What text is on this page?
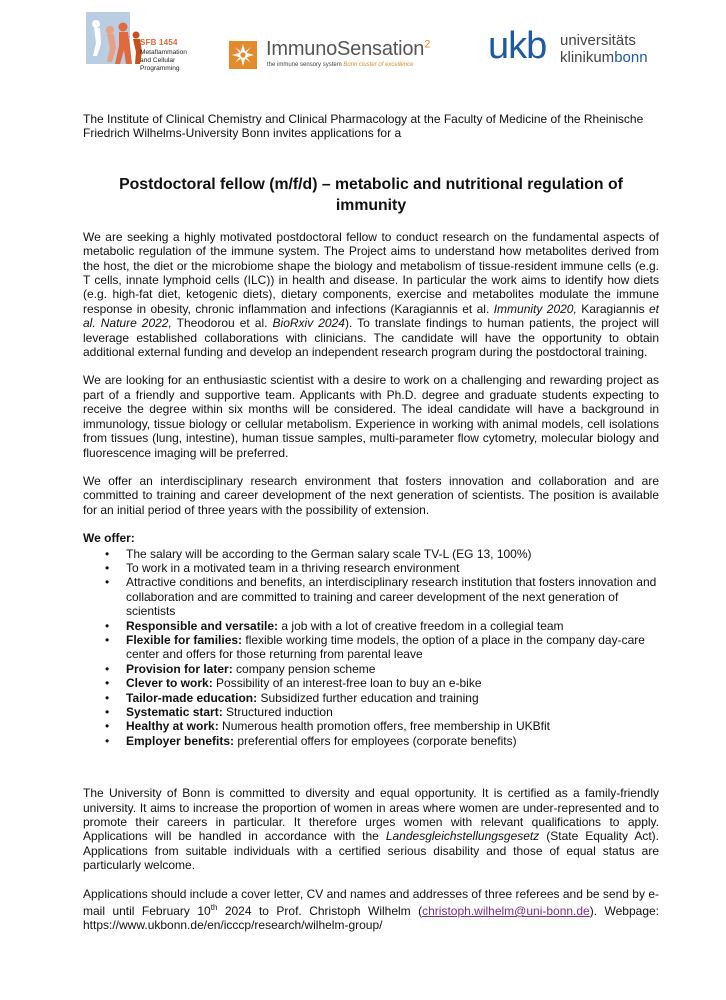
SFB 1454
Metaflammation
and Cellular
Programming
ImmunoSensation$^2$
the immune sensory system Bonn cluster of excellence ukb universitäts
klinikumbonn

The Institute of Clinical Chemistry and Clinical Pharmacology at the Faculty of Medicine of the Rheinische Friedrich Wilhelms-University Bonn invites applications for a

Postdoctoral fellow (m/f/d) – metabolic and nutritional regulation of immunity

We are seeking a highly motivated postdoctoral fellow to conduct research on the fundamental aspects of metabolic regulation of the immune system. The Project aims to understand how metabolites derived from the host, the diet or the microbiome shape the biology and metabolism of tissue-resident immune cells (e.g. T cells, innate lymphoid cells (ILC)) in health and disease. In particular the work aims to identify how diets (e.g. high-fat diet, ketogenic diets), dietary components, exercise and metabolites modulate the immune response in obesity, chronic inflammation and infections (Karagiannis et al. Immunity 2020, Karagiannis et al. Nature 2022, Theodorou et al. BioRxiv 2024). To translate findings to human patients, the project will leverage established collaborations with clinicians. The candidate will have the opportunity to obtain additional external funding and develop an independent research program during the postdoctoral training.

We are looking for an enthusiastic scientist with a desire to work on a challenging and rewarding project as part of a friendly and supportive team. Applicants with Ph.D. degree and graduate students expecting to receive the degree within six months will be considered. The ideal candidate will have a background in immunology, tissue biology or cellular metabolism. Experience in working with animal models, cell isolations from tissues (lung, intestine), human tissue samples, multi-parameter flow cytometry, molecular biology and fluorescence imaging will be preferred.

We offer an interdisciplinary research environment that fosters innovation and collaboration and are committed to training and career development of the next generation of scientists. The position is available for an initial period of three years with the possibility of extension.

We offer:

• The salary will be according to the German salary scale TV-L (EG 13, 100%)
• To work in a motivated team in a thriving research environment
• Attractive conditions and benefits, an interdisciplinary research institution that fosters innovation and collaboration and are committed to training and career development of the next generation of scientists
• Responsible and versatile: a job with a lot of creative freedom in a collegial team
• Flexible for families: flexible working time models, the option of a place in the company day-care center and offers for those returning from parental leave
• Provision for later: company pension scheme
• Clever to work: Possibility of an interest-free loan to buy an e-bike
• Tailor-made education: Subsidized further education and training
• Systematic start: Structured induction
• Healthy at work: Numerous health promotion offers, free membership in UKBfit
• Employer benefits: preferential offers for employees (corporate benefits)

The University of Bonn is committed to diversity and equal opportunity. It is certified as a family-friendly university. It aims to increase the proportion of women in areas where women are under-represented and to promote their careers in particular. It therefore urges women with relevant qualifications to apply. Applications will be handled in accordance with the Landesgleichstellungsgesetz (State Equality Act). Applications from suitable individuals with a certified serious disability and those of equal status are particularly welcome.

Applications should include a cover letter, CV and names and addresses of three referees and be send by e-mail until February 10th 2024 to Prof. Christoph Wilhelm (christoph.wilhelm@uni-bonn.de). Webpage: https://www.ukbonn.de/en/icccp/research/wilhelm-group/
